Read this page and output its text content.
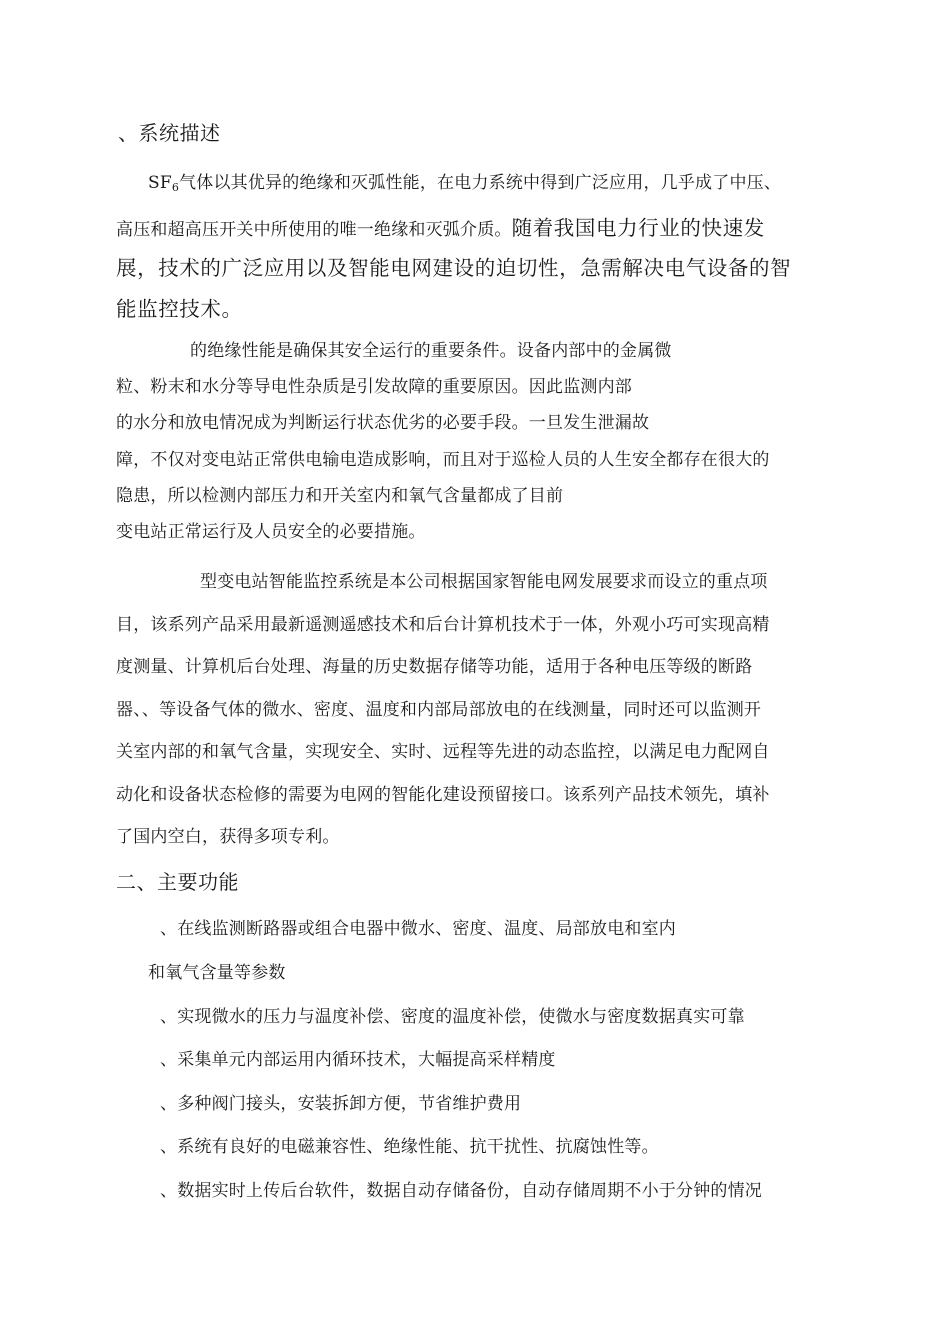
、系统描述
$SF_6$气体以其优异的绝缘和灭弧性能，在电力系统中得到广泛应用，几乎成了中压、
高压和超高压开关中所使用的唯一绝缘和灭弧介质。随着我国电力行业的快速发
展，技术的广泛应用以及智能电网建设的迫切性，急需解决电气设备的智
能监控技术。
的绝缘性能是确保其安全运行的重要条件。设备内部中的金属微
粒、粉末和水分等导电性杂质是引发故障的重要原因。因此监测内部
的水分和放电情况成为判断运行状态优劣的必要手段。一旦发生泄漏故
障，不仅对变电站正常供电输电造成影响，而且对于巡检人员的人生安全都存在很大的
隐患，所以检测内部压力和开关室内和氧气含量都成了目前
变电站正常运行及人员安全的必要措施。
型变电站智能监控系统是本公司根据国家智能电网发展要求而设立的重点项
目，该系列产品采用最新遥测遥感技术和后台计算机技术于一体，外观小巧可实现高精
度测量、计算机后台处理、海量的历史数据存储等功能，适用于各种电压等级的断路
器、、等设备气体的微水、密度、温度和内部局部放电的在线测量，同时还可以监测开
关室内部的和氧气含量，实现安全、实时、远程等先进的动态监控，以满足电力配网自
动化和设备状态检修的需要为电网的智能化建设预留接口。该系列产品技术领先，填补
了国内空白，获得多项专利。
二、主要功能
、在线监测断路器或组合电器中微水、密度、温度、局部放电和室内
和氧气含量等参数
、实现微水的压力与温度补偿、密度的温度补偿，使微水与密度数据真实可靠
、采集单元内部运用内循环技术，大幅提高采样精度
、多种阀门接头，安装拆卸方便，节省维护费用
、系统有良好的电磁兼容性、绝缘性能、抗干扰性、抗腐蚀性等。
、数据实时上传后台软件，数据自动存储备份，自动存储周期不小于分钟的情况
